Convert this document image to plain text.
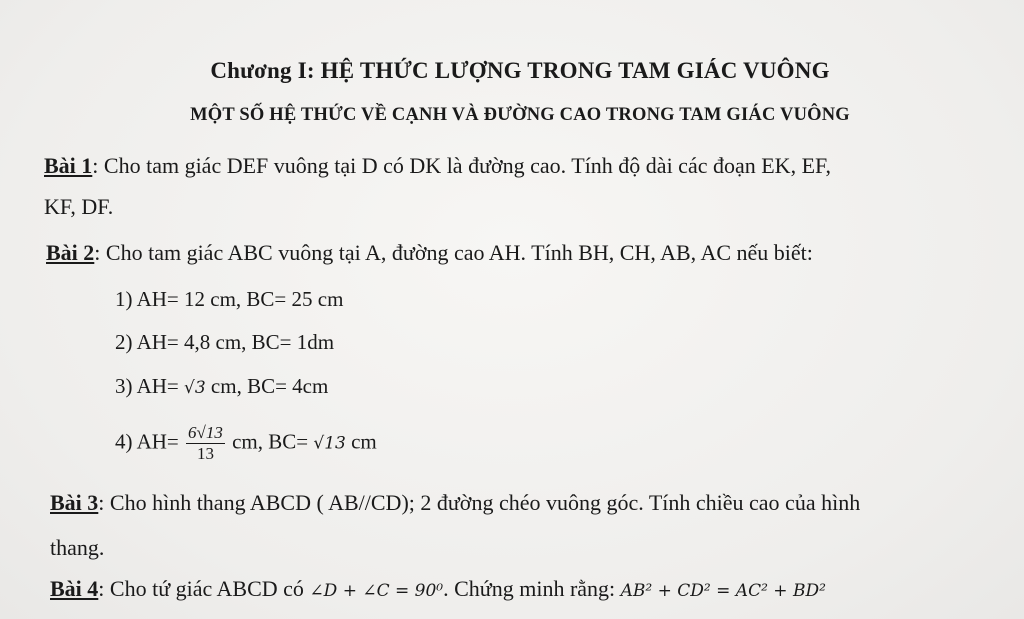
Chương I: HỆ THỨC LƯỢNG TRONG TAM GIÁC VUÔNG
MỘT SỐ HỆ THỨC VỀ CẠNH VÀ ĐƯỜNG CAO TRONG TAM GIÁC VUÔNG
Bài 1: Cho tam giác DEF vuông tại D có DK là đường cao. Tính độ dài các đoạn EK, EF,
KF, DF.
Bài 2: Cho tam giác ABC vuông tại A, đường cao AH. Tính BH, CH, AB, AC nếu biết:
1) AH= 12 cm, BC= 25 cm
2) AH= 4,8 cm, BC= 1dm
3) AH= √3 cm, BC= 4cm
4) $AH= \frac{6√13}{13}$ cm, BC= √13 cm
Bài 3: Cho hình thang ABCD ( AB//CD); 2 đường chéo vuông góc. Tính chiều cao của hình
thang.
Bài 4: Cho tứ giác ABCD có ∠D + ∠C = 90⁰. Chứng minh rằng: AB² + CD² = AC² + BD²
